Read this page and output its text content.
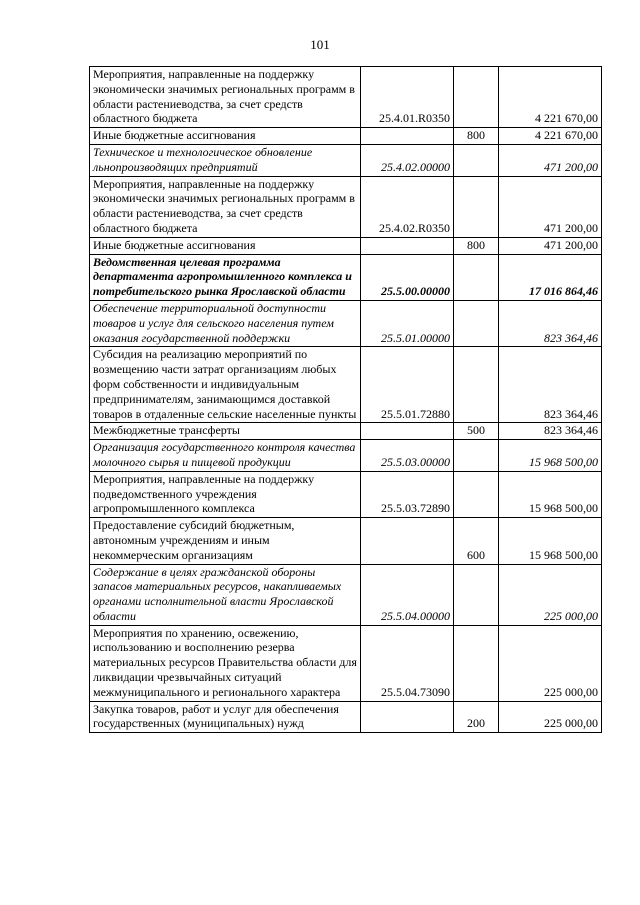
101
Мероприятия, направленные на поддержку экономически значимых региональных программ в области растениеводства, за счет средств областного бюджета	25.4.01.R0350		4 221 670,00
Иные бюджетные ассигнования		800	4 221 670,00
Техническое и технологическое обновление льнопроизводящих предприятий	25.4.02.00000		471 200,00
Мероприятия, направленные на поддержку экономически значимых региональных программ в области растениеводства, за счет средств областного бюджета	25.4.02.R0350		471 200,00
Иные бюджетные ассигнования		800	471 200,00
Ведомственная целевая программа департамента агропромышленного комплекса и потребительского рынка Ярославской области	25.5.00.00000		17 016 864,46
Обеспечение территориальной доступности товаров и услуг для сельского населения путем оказания государственной поддержки	25.5.01.00000		823 364,46
Субсидия на реализацию мероприятий по возмещению части затрат организациям любых форм собственности и индивидуальным предпринимателям, занимающимся доставкой товаров в отдаленные сельские населенные пункты	25.5.01.72880		823 364,46
Межбюджетные трансферты		500	823 364,46
Организация государственного контроля качества молочного сырья и пищевой продукции	25.5.03.00000		15 968 500,00
Мероприятия, направленные на поддержку подведомственного учреждения агропромышленного комплекса	25.5.03.72890		15 968 500,00
Предоставление субсидий бюджетным, автономным учреждениям и иным некоммерческим организациям		600	15 968 500,00
Содержание в целях гражданской обороны запасов материальных ресурсов, накапливаемых органами исполнительной власти Ярославской области	25.5.04.00000		225 000,00
Мероприятия по хранению, освежению, использованию и восполнению резерва материальных ресурсов Правительства области для ликвидации чрезвычайных ситуаций межмуниципального и регионального характера	25.5.04.73090		225 000,00
Закупка товаров, работ и услуг для обеспечения государственных (муниципальных) нужд		200	225 000,00
